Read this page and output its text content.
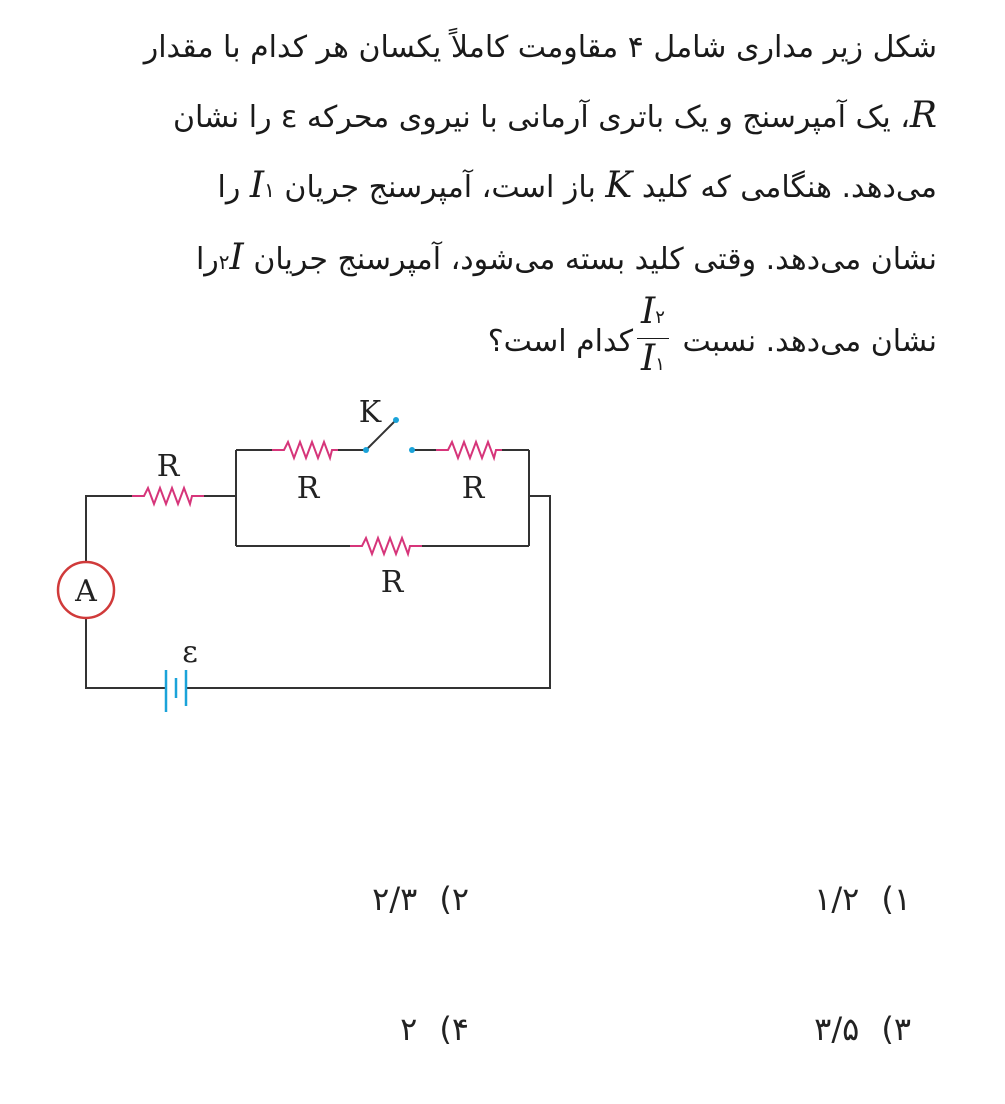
شکل زیر مداری شامل ۴ مقاومت کاملاً یکسان هر کدام با مقدار
R، یک آمپرسنج و یک باتری آرمانی با نیروی محرکه ε را نشان
می‌دهد. هنگامی که کلید K باز است، آمپرسنج جریان I۱ را
نشان می‌دهد. وقتی کلید بسته می‌شود، آمپرسنج جریان ۲Iرا
نشان می‌دهد. نسبت
$\frac{I۲}{I۱}$
کدام است؟
R
R	R
R
K
A
ε
۱)۱/۲
۲)۲/۳
۳)۳/۵
۴)۲
